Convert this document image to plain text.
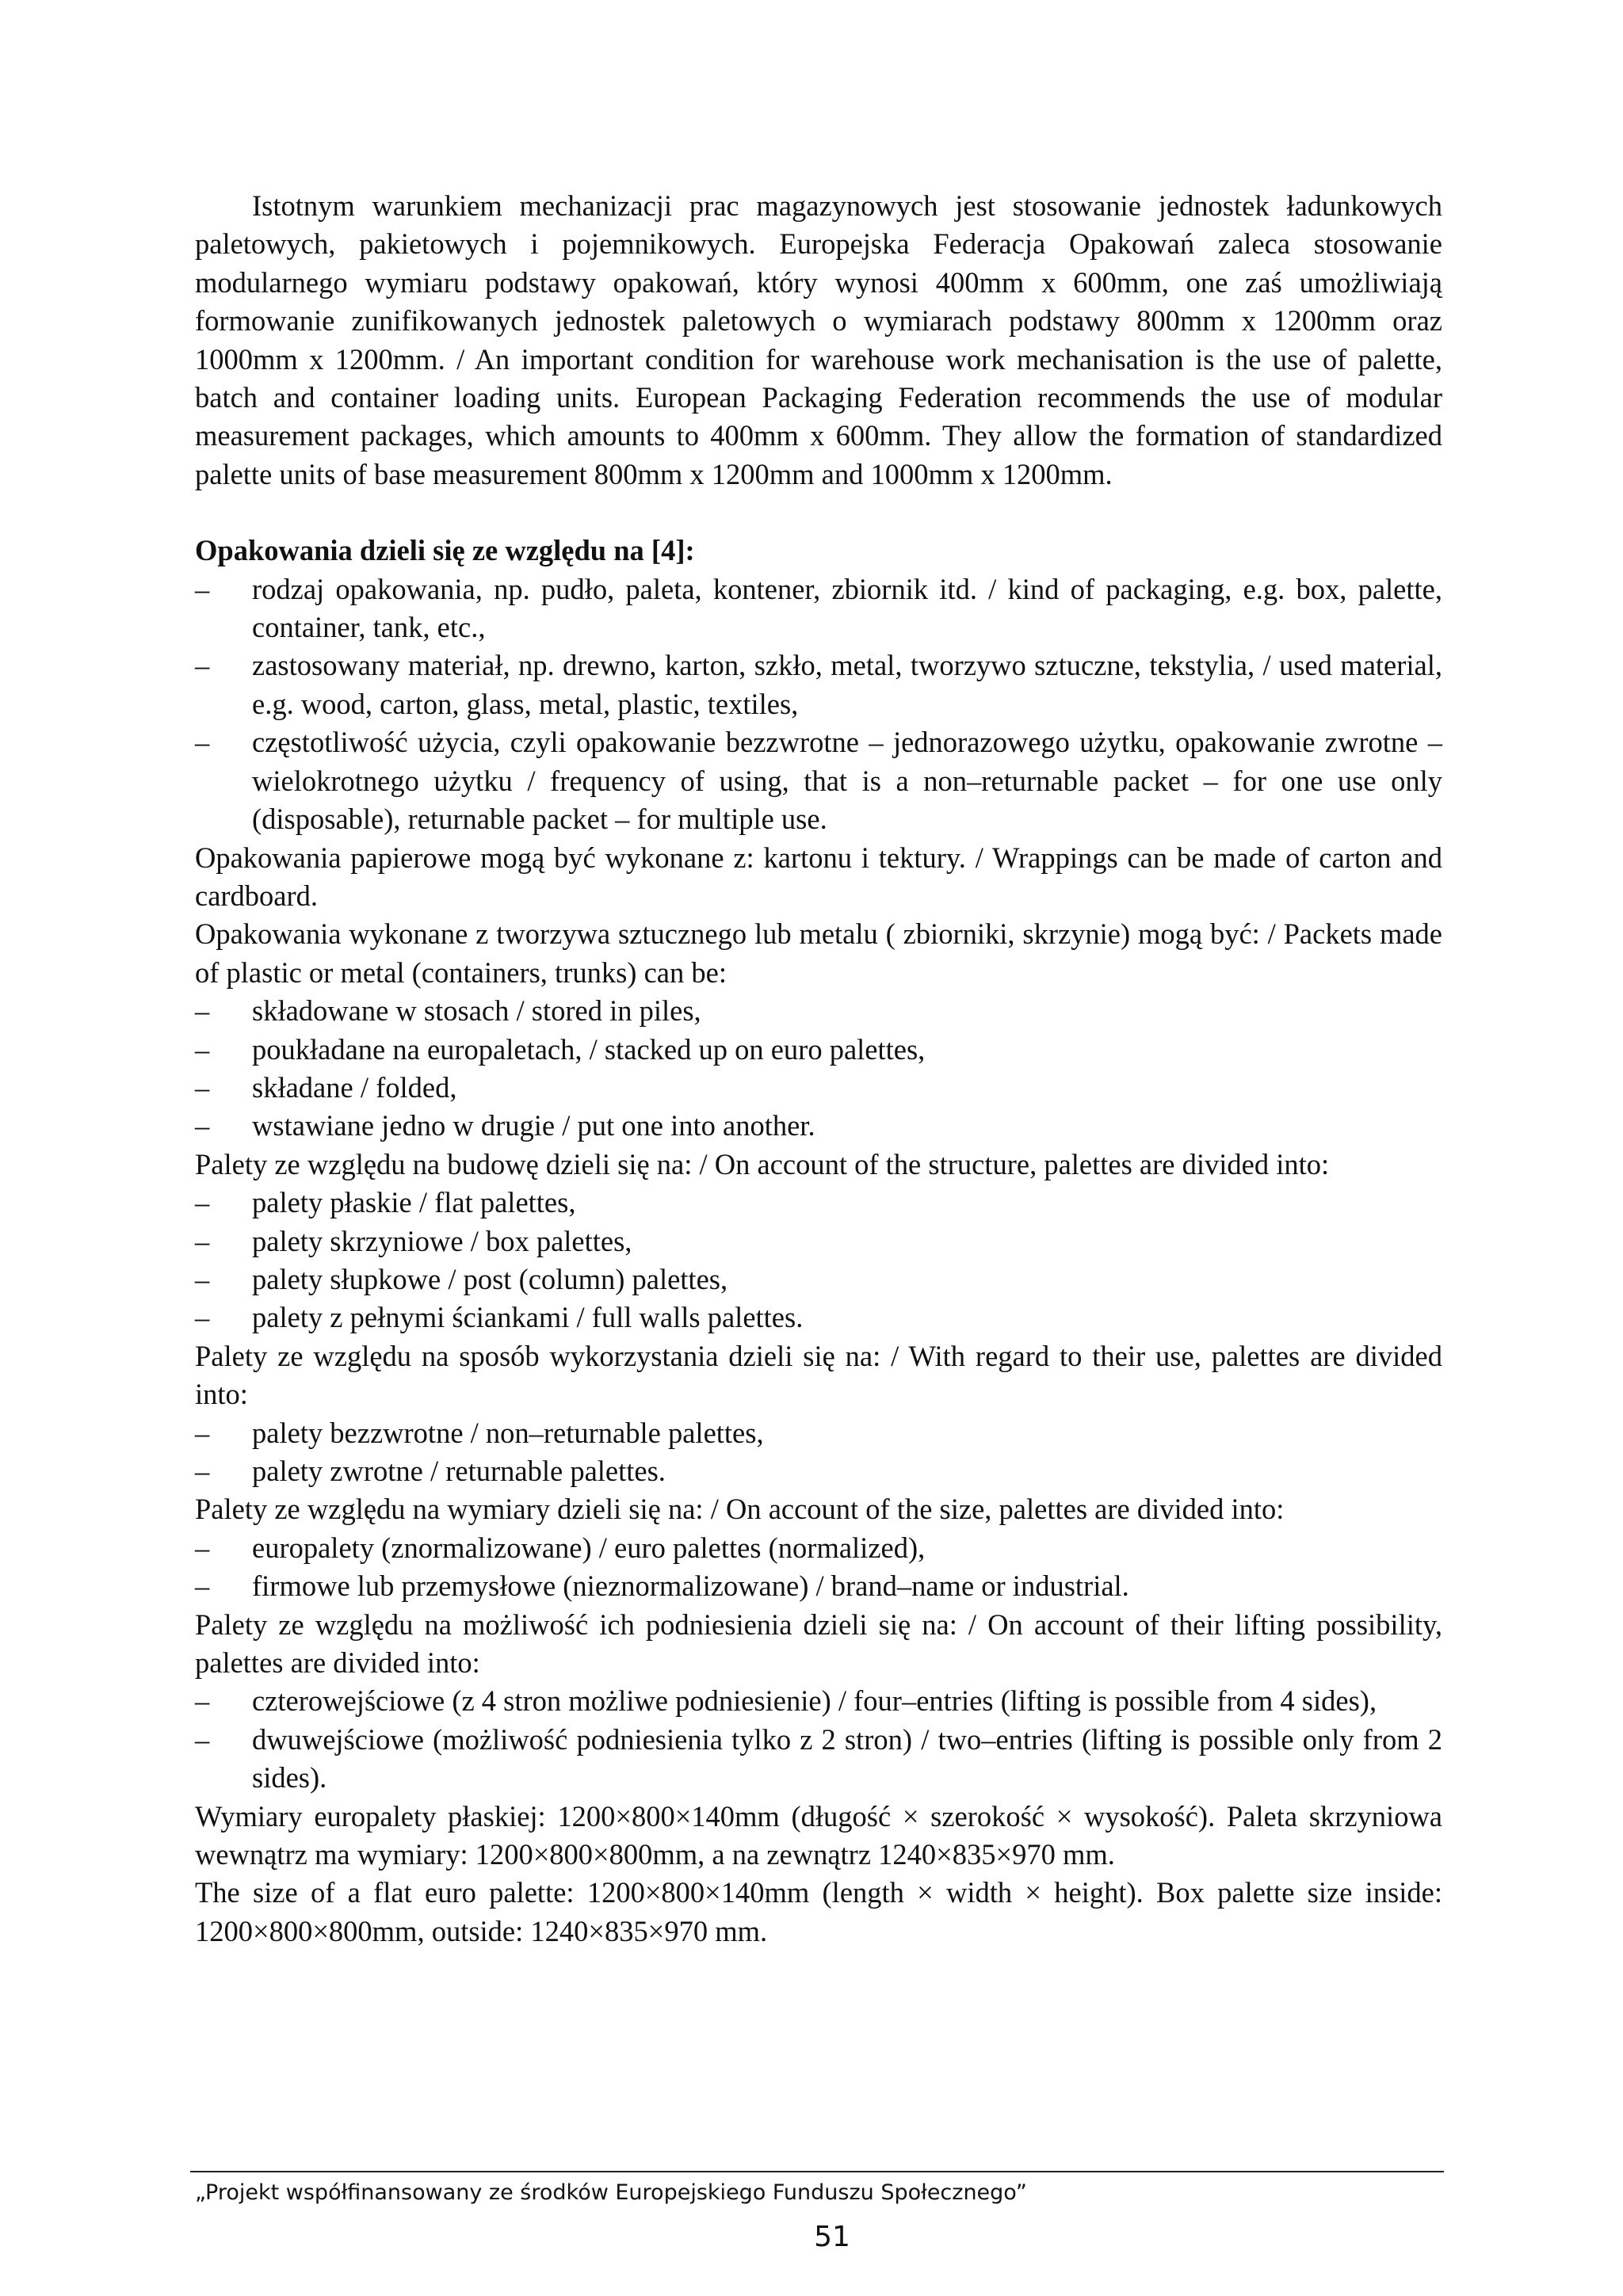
Istotnym warunkiem mechanizacji prac magazynowych jest stosowanie jednostek ładunkowych paletowych, pakietowych i pojemnikowych. Europejska Federacja Opakowań zaleca stosowanie modularnego wymiaru podstawy opakowań, który wynosi 400mm x 600mm, one zaś umożliwiają formowanie zunifikowanych jednostek paletowych o wymiarach podstawy 800mm x 1200mm oraz 1000mm x 1200mm. / An important condition for warehouse work mechanisation is the use of palette, batch and container loading units. European Packaging Federation recommends the use of modular measurement packages, which amounts to 400mm x 600mm. They allow the formation of standardized palette units of base measurement 800mm x 1200mm and 1000mm x 1200mm.

Opakowania dzieli się ze względu na [4]:

–	rodzaj opakowania, np. pudło, paleta, kontener, zbiornik itd. / kind of packaging, e.g. box, palette, container, tank, etc.,
–	zastosowany materiał, np. drewno, karton, szkło, metal, tworzywo sztuczne, tekstylia, / used material, e.g. wood, carton, glass, metal, plastic, textiles,
–	częstotliwość użycia, czyli opakowanie bezzwrotne – jednorazowego użytku, opakowanie zwrotne – wielokrotnego użytku / frequency of using, that is a non–returnable packet – for one use only (disposable), returnable packet – for multiple use.

Opakowania papierowe mogą być wykonane z: kartonu i tektury. / Wrappings can be made of carton and cardboard.

Opakowania wykonane z tworzywa sztucznego lub metalu ( zbiorniki, skrzynie) mogą być: / Packets made of plastic or metal (containers, trunks) can be:

–	składowane w stosach / stored in piles,
–	poukładane na europaletach, / stacked up on euro palettes,
–	składane / folded,
–	wstawiane jedno w drugie / put one into another.

Palety ze względu na budowę dzieli się na: / On account of the structure, palettes are divided into:

–	palety płaskie / flat palettes,
–	palety skrzyniowe / box palettes,
–	palety słupkowe / post (column) palettes,
–	palety z pełnymi ściankami / full walls palettes.

Palety ze względu na sposób wykorzystania dzieli się na: / With regard to their use, palettes are divided into:

–	palety bezzwrotne / non–returnable palettes,
–	palety zwrotne / returnable palettes.

Palety ze względu na wymiary dzieli się na: / On account of the size, palettes are divided into:

–	europalety (znormalizowane) / euro palettes (normalized),
–	firmowe lub przemysłowe (nieznormalizowane) / brand–name or industrial.

Palety ze względu na możliwość ich podniesienia dzieli się na: / On account of their lifting possibility, palettes are divided into:

–	czterowejściowe (z 4 stron możliwe podniesienie) / four–entries (lifting is possible from 4 sides),
–	dwuwejściowe (możliwość podniesienia tylko z 2 stron) / two–entries (lifting is possible only from 2 sides).

Wymiary europalety płaskiej: 1200×800×140mm (długość × szerokość × wysokość). Paleta skrzyniowa wewnątrz ma wymiary: 1200×800×800mm, a na zewnątrz 1240×835×970 mm.

The size of a flat euro palette: 1200×800×140mm (length × width × height). Box palette size inside: 1200×800×800mm, outside: 1240×835×970 mm.

„Projekt współfinansowany ze środków Europejskiego Funduszu Społecznego”
51
